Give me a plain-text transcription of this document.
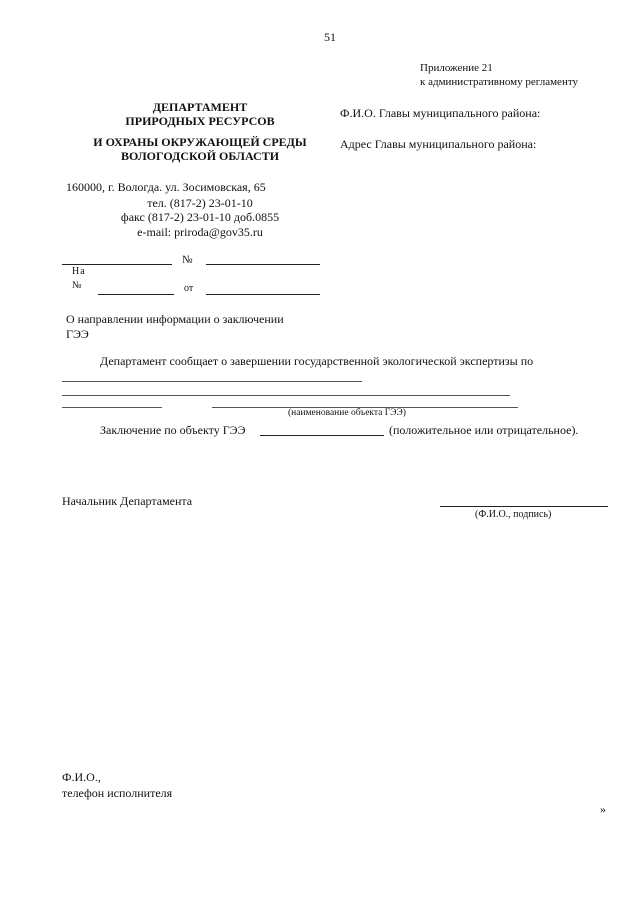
51
Приложение 21
к административному регламенту
ДЕПАРТАМЕНТ
ПРИРОДНЫХ РЕСУРСОВ
И ОХРАНЫ ОКРУЖАЮЩЕЙ СРЕДЫ
ВОЛОГОДСКОЙ ОБЛАСТИ
160000, г. Вологда. ул. Зосимовская, 65
тел. (817-2) 23-01-10
факс (817-2) 23-01-10 доб.0855
e-mail: priroda@gov35.ru
Ф.И.О. Главы муниципального района:
Адрес Главы муниципального района:
№
На
№	от
О направлении информации о заключении
ГЭЭ
Департамент сообщает о завершении государственной экологической экспертизы по
(наименование объекта ГЭЭ)
Заключение по объекту ГЭЭ	(положительное или отрицательное).
Начальник Департамента
(Ф.И.О., подпись)
Ф.И.О.,
телефон исполнителя
»
